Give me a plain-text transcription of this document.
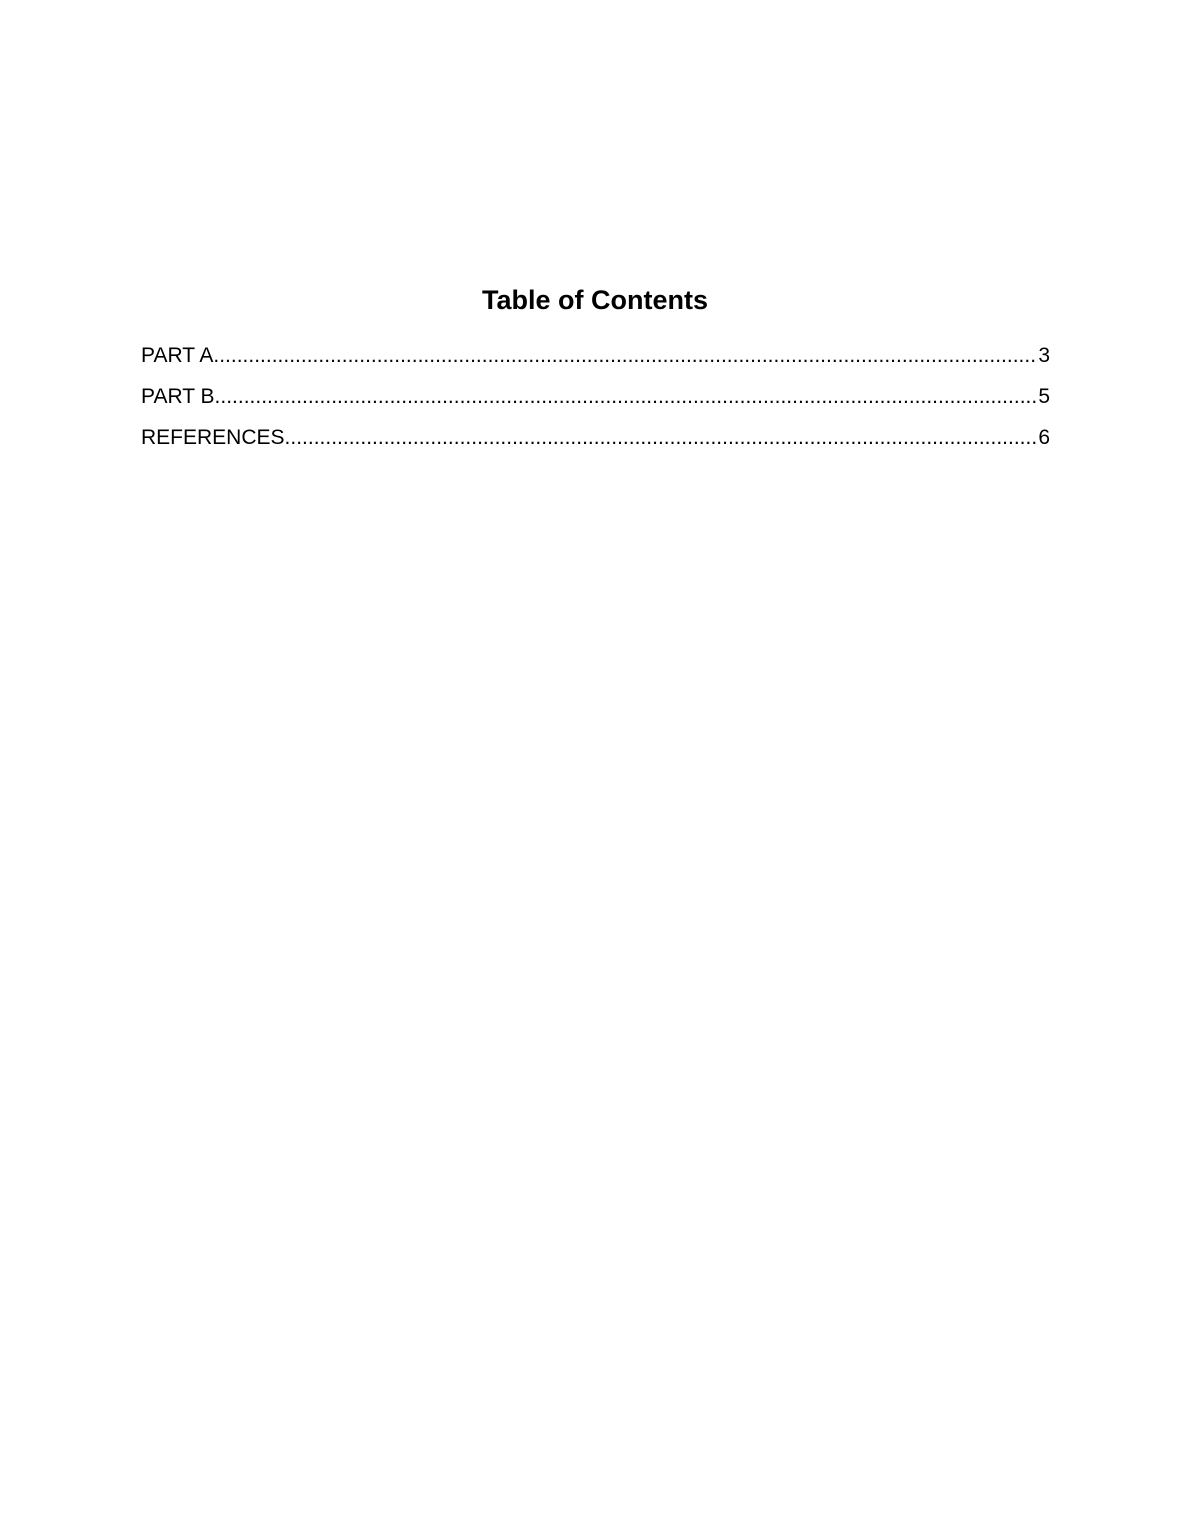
Table of Contents
PART A .....	3
PART B .....	5
REFERENCES .....	6
